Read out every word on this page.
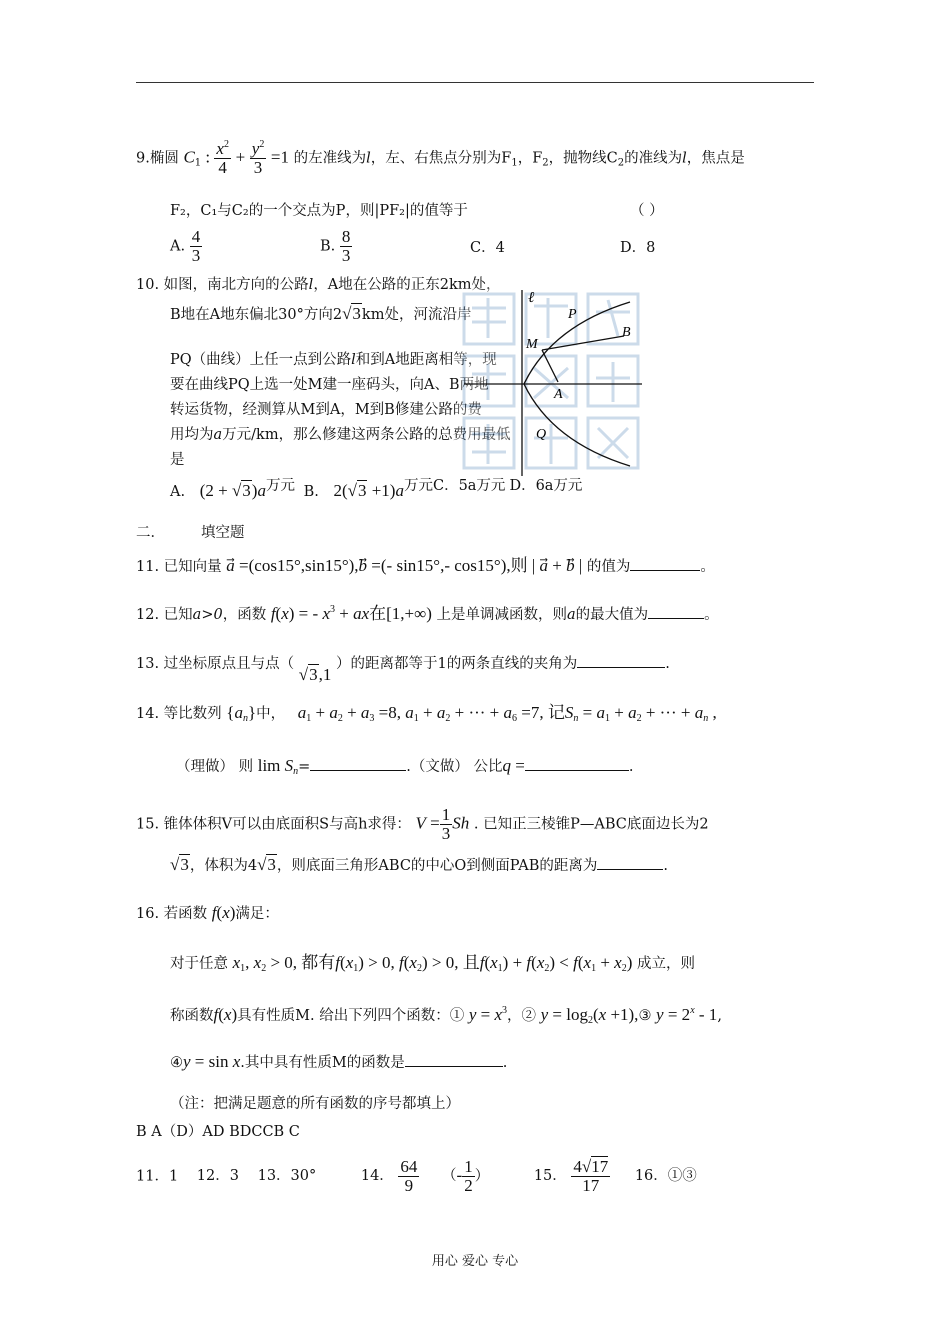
9.椭圆 $C_1$ : $\frac{x^2}{4} + \frac{y^2}{3} =1$ 的左准线为l，左、右焦点分别为$F_1$，$F_2$，抛物线$C_2$的准线为l，焦点是
F₂，C₁与C₂的一个交点为P，则|PF₂|的值等于	（ ）
A. $\frac{4}{3}$	B. $\frac{8}{3}$	C．4	D．8
10. 如图，南北方向的公路l，A地在公路的正东2km处，
B地在A地东偏北30°方向2√3km处，河流沿岸
PQ（曲线）上任一点到公路l和到A地距离相等，现
要在曲线PQ上选一处M建一座码头，向A、B两地
转运货物，经测算从M到A，M到B修建公路的费
用均为a万元/km，那么修建这两条公路的总费用最低
是
ℓ
P
B
M
A
Q
A. (2 + √3)a万元 B. 2(√3 +1)a万元C．5a万元 D．6a万元
二． 填空题
11. 已知向量 a⃗ =(cos15°,sin15°),b⃗ =(- sin15°,- cos15°),则 | a⃗ + b⃗ | 的值为	。
12. 已知a>0，函数 f(x) = - $x^3$ + ax在[1,+∞) 上是单调减函数，则a的最大值为	。
13. 过坐标原点且与点（ √3,1 ）的距离都等于1的两条直线的夹角为	.
14. 等比数列 $\{a_n\}$中， $a_1 + a_2 + a_3 =8$, $a_1 + a_2$ + ··· + $a_6 =7$, 记$S_n = a_1 + a_2$ + ··· + $a_n$ ,
（理做） 则 $\lim S_n=$	.（文做） 公比q =	.
15. 锥体体积V可以由底面积S与高h求得： $V = \frac{1}{3}$ Sh . 已知正三棱锥P—ABC底面边长为2
√3，体积为4√3，则底面三角形ABC的中心O到侧面PAB的距离为	.
16. 若函数 f(x)满足：
对于任意 $x_1$, $x_2 > 0$, 都有$f(x_1) > 0$, $f(x_2) > 0$, 且$f(x_1) + f(x_2) < f(x_1 + x_2)$ 成立，则
称函数f(x)具有性质M. 给出下列四个函数：① $y = x^3$，② $y = \log_2(x$ +1),③ $y = 2^x - 1$,
④y = sin x.其中具有性质M的函数是	.
（注：把满足题意的所有函数的序号都填上）
B A（D）AD BDCCB C
11．1 12．3 13．30°	14． $\frac{64}{9}$ （- $\frac{1}{2}$ ）	15． $\frac{4√17}{17} 16$．①③
用心 爱心 专心
